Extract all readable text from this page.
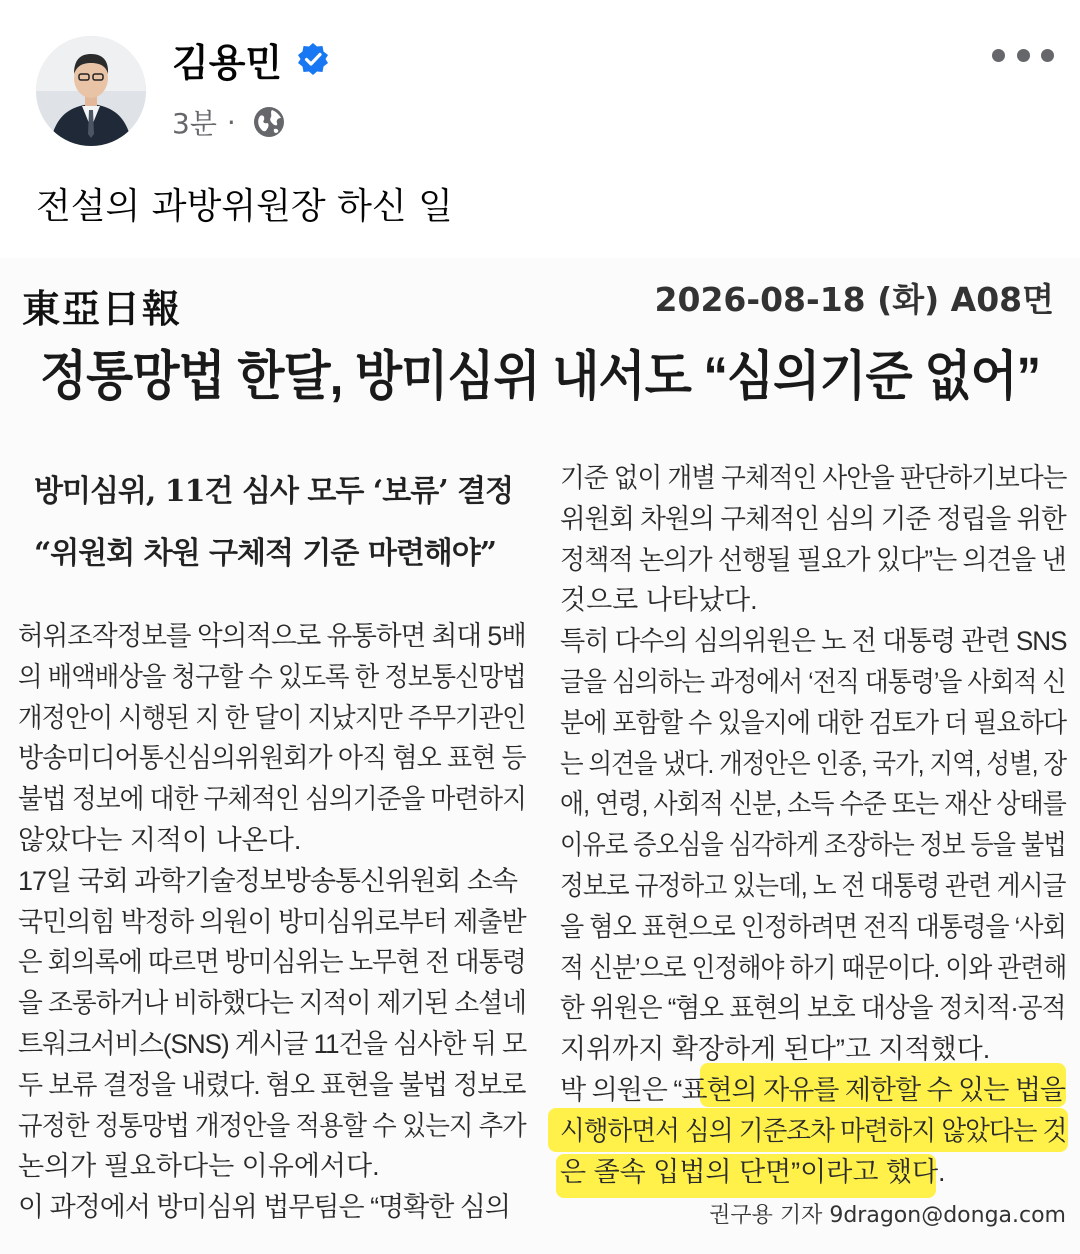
김용민
3분 ·
전설의 과방위원장 하신 일
東亞日報	2026-08-18 (화) A08면
정통망법 한달, 방미심위 내서도 “심의기준 없어”
방미심위, 11건 심사 모두 ‘보류’ 결정
“위원회 차원 구체적 기준 마련해야”
허위조작정보를 악의적으로 유통하면 최대 5배
의 배액배상을 청구할 수 있도록 한 정보통신망법
개정안이 시행된 지 한 달이 지났지만 주무기관인
방송미디어통신심의위원회가 아직 혐오 표현 등
불법 정보에 대한 구체적인 심의기준을 마련하지
않았다는 지적이 나온다.
17일 국회 과학기술정보방송통신위원회 소속
국민의힘 박정하 의원이 방미심위로부터 제출받
은 회의록에 따르면 방미심위는 노무현 전 대통령
을 조롱하거나 비하했다는 지적이 제기된 소셜네
트워크서비스(SNS) 게시글 11건을 심사한 뒤 모
두 보류 결정을 내렸다. 혐오 표현을 불법 정보로
규정한 정통망법 개정안을 적용할 수 있는지 추가
논의가 필요하다는 이유에서다.
이 과정에서 방미심위 법무팀은 “명확한 심의
기준 없이 개별 구체적인 사안을 판단하기보다는
위원회 차원의 구체적인 심의 기준 정립을 위한
정책적 논의가 선행될 필요가 있다”는 의견을 낸
것으로 나타났다.
특히 다수의 심의위원은 노 전 대통령 관련 SNS
글을 심의하는 과정에서 ‘전직 대통령’을 사회적 신
분에 포함할 수 있을지에 대한 검토가 더 필요하다
는 의견을 냈다. 개정안은 인종, 국가, 지역, 성별, 장
애, 연령, 사회적 신분, 소득 수준 또는 재산 상태를
이유로 증오심을 심각하게 조장하는 정보 등을 불법
정보로 규정하고 있는데, 노 전 대통령 관련 게시글
을 혐오 표현으로 인정하려면 전직 대통령을 ‘사회
적 신분’으로 인정해야 하기 때문이다. 이와 관련해
한 위원은 “혐오 표현의 보호 대상을 정치적·공적
지위까지 확장하게 된다”고 지적했다.
박 의원은 “표현의 자유를 제한할 수 있는 법을
시행하면서 심의 기준조차 마련하지 않았다는 것
은 졸속 입법의 단면”이라고 했다.
권구용 기자 9dragon@donga.com
